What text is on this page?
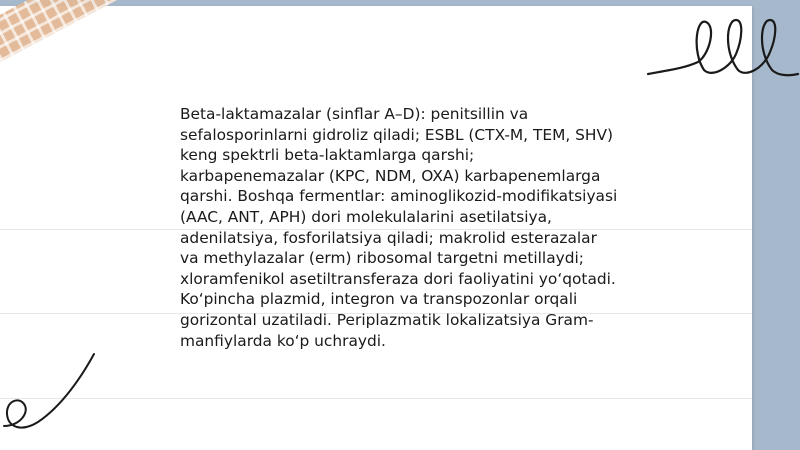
Beta-laktamazalar (sinflar A–D): penitsillin va sefalosporinlarni gidroliz qiladi; ESBL (CTX-M, TEM, SHV) keng spektrli beta-laktamlarga qarshi; karbapenemazalar (KPC, NDM, OXA) karbapenemlarga qarshi. Boshqa fermentlar: aminoglikozid-modifikatsiyasi (AAC, ANT, APH) dori molekulalarini asetilatsiya, adenilatsiya, fosforilatsiya qiladi; makrolid esterazalar va methylazalar (erm) ribosomal targetni metillaydi; xloramfenikol asetiltransferaza dori faoliyatini yo‘qotadi. Ko‘pincha plazmid, integron va transpozonlar orqali gorizontal uzatiladi. Periplazmatik lokalizatsiya Gram-manfiylarda ko‘p uchraydi.
